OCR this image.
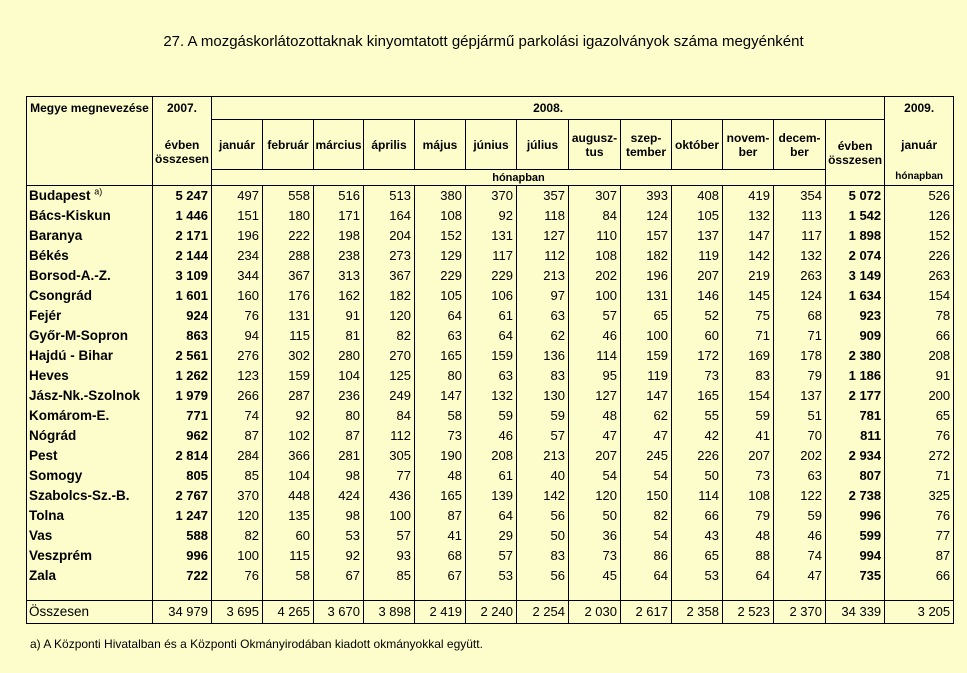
27. A mozgáskorlátozottaknak kinyomtatott gépjármű parkolási igazolványok száma megyénként
Megye megnevezése	2007.	2008.													2009.
	évben összesen	január	február	március	április	május	június	július	augusz-tus	szep-tember	október	novem-ber	decem-ber	évben összesen	január
		hónapban													hónapban
Budapest $^{a)}$	5 247	497	558	516	513	380	370	357	307	393	408	419	354	5 072	526
Bács-Kiskun	1 446	151	180	171	164	108	92	118	84	124	105	132	113	1 542	126
Baranya	2 171	196	222	198	204	152	131	127	110	157	137	147	117	1 898	152
Békés	2 144	234	288	238	273	129	117	112	108	182	119	142	132	2 074	226
Borsod-A.-Z.	3 109	344	367	313	367	229	229	213	202	196	207	219	263	3 149	263
Csongrád	1 601	160	176	162	182	105	106	97	100	131	146	145	124	1 634	154
Fejér	924	76	131	91	120	64	61	63	57	65	52	75	68	923	78
Győr-M-Sopron	863	94	115	81	82	63	64	62	46	100	60	71	71	909	66
Hajdú - Bihar	2 561	276	302	280	270	165	159	136	114	159	172	169	178	2 380	208
Heves	1 262	123	159	104	125	80	63	83	95	119	73	83	79	1 186	91
Jász-Nk.-Szolnok	1 979	266	287	236	249	147	132	130	127	147	165	154	137	2 177	200
Komárom-E.	771	74	92	80	84	58	59	59	48	62	55	59	51	781	65
Nógrád	962	87	102	87	112	73	46	57	47	47	42	41	70	811	76
Pest	2 814	284	366	281	305	190	208	213	207	245	226	207	202	2 934	272
Somogy	805	85	104	98	77	48	61	40	54	54	50	73	63	807	71
Szabolcs-Sz.-B.	2 767	370	448	424	436	165	139	142	120	150	114	108	122	2 738	325
Tolna	1 247	120	135	98	100	87	64	56	50	82	66	79	59	996	76
Vas	588	82	60	53	57	41	29	50	36	54	43	48	46	599	77
Veszprém	996	100	115	92	93	68	57	83	73	86	65	88	74	994	87
Zala	722	76	58	67	85	67	53	56	45	64	53	64	47	735	66

Összesen	34 979	3 695	4 265	3 670	3 898	2 419	2 240	2 254	2 030	2 617	2 358	2 523	2 370	34 339	3 205
a) A Központi Hivatalban és a Központi Okmányirodában kiadott okmányokkal együtt.
